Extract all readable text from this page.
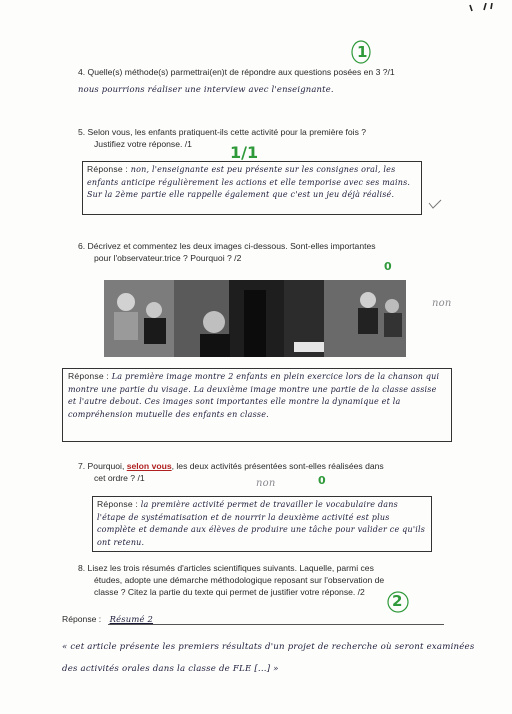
1
4. Quelle(s) méthode(s) parmettrai(en)t de répondre aux questions posées en 3 ?/1
nous pourrions réaliser une interview avec l'enseignante.
5. Selon vous, les enfants pratiquent-ils cette activité pour la première fois ?
Justifiez votre réponse. /1	1/1
Réponse : non, l'enseignante est peu présente sur les consignes oral, les enfants anticipe régulièrement les actions et elle temporise avec ses mains. Sur la 2ème partie elle rappelle également que c'est un jeu déjà réalisé.
6. Décrivez et commentez les deux images ci-dessous. Sont-elles importantes
pour l'observateur.trice ? Pourquoi ? /2
0
non
Réponse : La première image montre 2 enfants en plein exercice lors de la chanson qui montre une partie du visage. La deuxième image montre une partie de la classe assise et l'autre debout. Ces images sont importantes elle montre la dynamique et la compréhension mutuelle des enfants en classe.
7. Pourquoi, selon vous, les deux activités présentées sont-elles réalisées dans
cet ordre ? /1	non	0
Réponse : la première activité permet de travailler le vocabulaire dans l'étape de systématisation et de nourrir la deuxième activité est plus complète et demande aux élèves de produire une tâche pour valider ce qu'ils ont retenu.
8. Lisez les trois résumés d'articles scientifiques suivants. Laquelle, parmi ces
études, adopte une démarche méthodologique reposant sur l'observation de
classe ? Citez la partie du texte qui permet de justifier votre réponse. /2	2
Réponse : Résumé 2
« cet article présente les premiers résultats d'un projet de recherche où seront examinées des activités orales dans la classe de FLE [...] »
